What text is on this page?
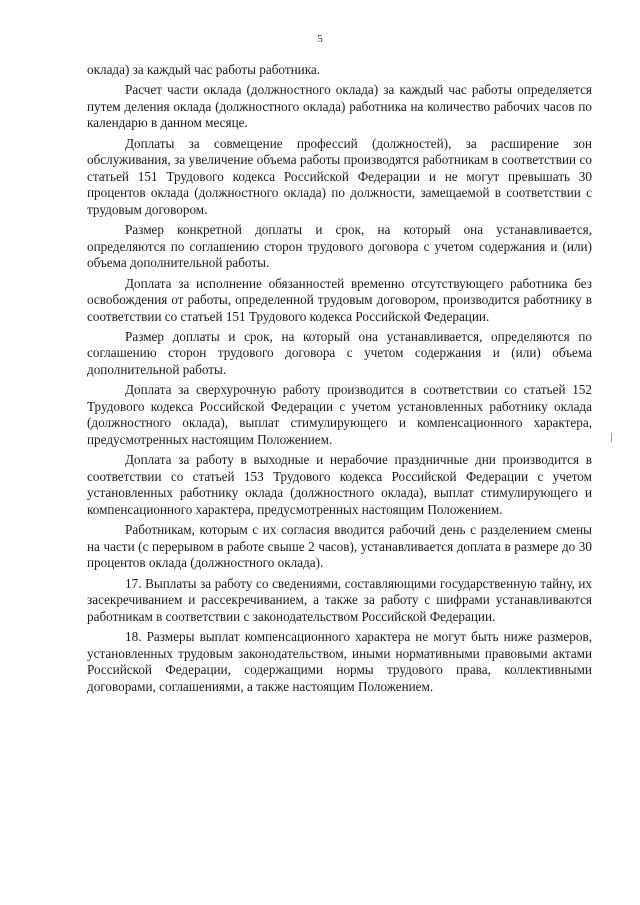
5

оклада) за каждый час работы работника.

Расчет части оклада (должностного оклада) за каждый час работы определяется путем деления оклада (должностного оклада) работника на количество рабочих часов по календарю в данном месяце.

Доплаты за совмещение профессий (должностей), за расширение зон обслуживания, за увеличение объема работы производятся работникам в соответствии со статьей 151 Трудового кодекса Российской Федерации и не могут превышать 30 процентов оклада (должностного оклада) по должности, замещаемой в соответствии с трудовым договором.

Размер конкретной доплаты и срок, на который она устанавливается, определяются по соглашению сторон трудового договора с учетом содержания и (или) объема дополнительной работы.

Доплата за исполнение обязанностей временно отсутствующего работника без освобождения от работы, определенной трудовым договором, производится работнику в соответствии со статьей 151 Трудового кодекса Российской Федерации.

Размер доплаты и срок, на который она устанавливается, определяются по соглашению сторон трудового договора с учетом содержания и (или) объема дополнительной работы.

Доплата за сверхурочную работу производится в соответствии со статьей 152 Трудового кодекса Российской Федерации с учетом установленных работнику оклада (должностного оклада), выплат стимулирующего и компенсационного характера, предусмотренных настоящим Положением.

Доплата за работу в выходные и нерабочие праздничные дни производится в соответствии со статьей 153 Трудового кодекса Российской Федерации с учетом установленных работнику оклада (должностного оклада), выплат стимулирующего и компенсационного характера, предусмотренных настоящим Положением.

Работникам, которым с их согласия вводится рабочий день с разделением смены на части (с перерывом в работе свыше 2 часов), устанавливается доплата в размере до 30 процентов оклада (должностного оклада).

17. Выплаты за работу со сведениями, составляющими государственную тайну, их засекречиванием и рассекречиванием, а также за работу с шифрами устанавливаются работникам в соответствии с законодательством Российской Федерации.

18. Размеры выплат компенсационного характера не могут быть ниже размеров, установленных трудовым законодательством, иными нормативными правовыми актами Российской Федерации, содержащими нормы трудового права, коллективными договорами, соглашениями, а также настоящим Положением.
